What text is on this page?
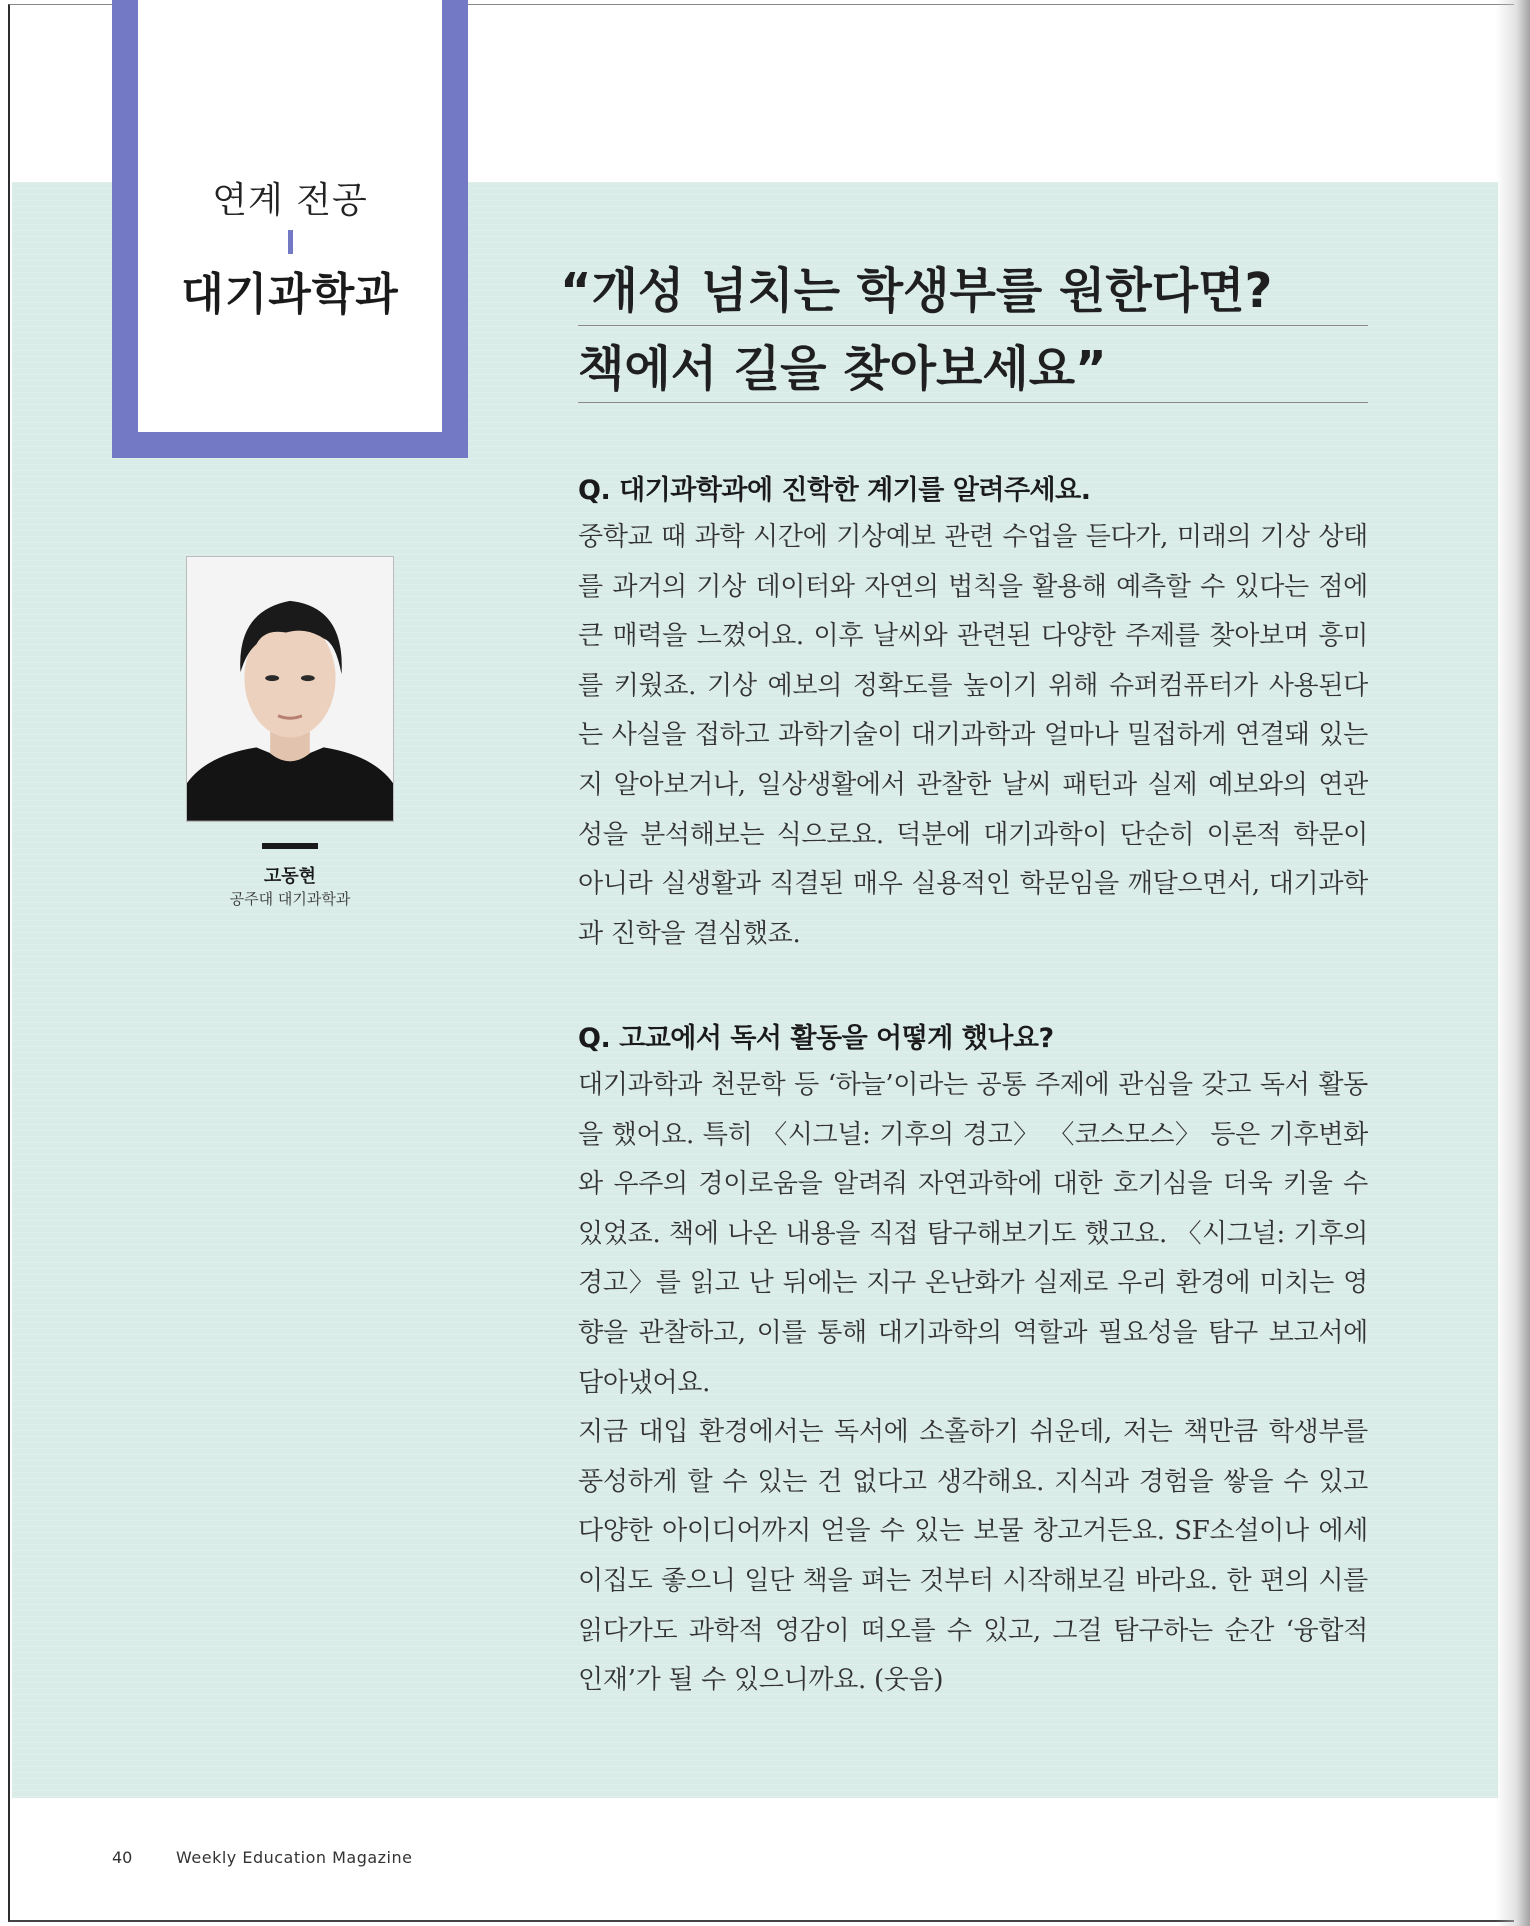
연계 전공
대기과학과	“개성 넘치는 학생부를 원한다면?
책에서 길을 찾아보세요”
고동현
공주대 대기과학과

Q. 대기과학과에 진학한 계기를 알려주세요.

중학교 때 과학 시간에 기상예보 관련 수업을 듣다가, 미래의 기상 상태를 과거의 기상 데이터와 자연의 법칙을 활용해 예측할 수 있다는 점에 큰 매력을 느꼈어요. 이후 날씨와 관련된 다양한 주제를 찾아보며 흥미를 키웠죠. 기상 예보의 정확도를 높이기 위해 슈퍼컴퓨터가 사용된다는 사실을 접하고 과학기술이 대기과학과 얼마나 밀접하게 연결돼 있는지 알아보거나, 일상생활에서 관찰한 날씨 패턴과 실제 예보와의 연관성을 분석해보는 식으로요. 덕분에 대기과학이 단순히 이론적 학문이 아니라 실생활과 직결된 매우 실용적인 학문임을 깨달으면서, 대기과학과 진학을 결심했죠.

Q. 고교에서 독서 활동을 어떻게 했나요?

대기과학과 천문학 등 ‘하늘’이라는 공통 주제에 관심을 갖고 독서 활동을 했어요. 특히 〈시그널: 기후의 경고〉 〈코스모스〉 등은 기후변화와 우주의 경이로움을 알려줘 자연과학에 대한 호기심을 더욱 키울 수 있었죠. 책에 나온 내용을 직접 탐구해보기도 했고요. 〈시그널: 기후의 경고〉를 읽고 난 뒤에는 지구 온난화가 실제로 우리 환경에 미치는 영향을 관찰하고, 이를 통해 대기과학의 역할과 필요성을 탐구 보고서에 담아냈어요.

지금 대입 환경에서는 독서에 소홀하기 쉬운데, 저는 책만큼 학생부를 풍성하게 할 수 있는 건 없다고 생각해요. 지식과 경험을 쌓을 수 있고 다양한 아이디어까지 얻을 수 있는 보물 창고거든요. SF소설이나 에세이집도 좋으니 일단 책을 펴는 것부터 시작해보길 바라요. 한 편의 시를 읽다가도 과학적 영감이 떠오를 수 있고, 그걸 탐구하는 순간 ‘융합적 인재’가 될 수 있으니까요. (웃음)

40	Weekly Education Magazine
